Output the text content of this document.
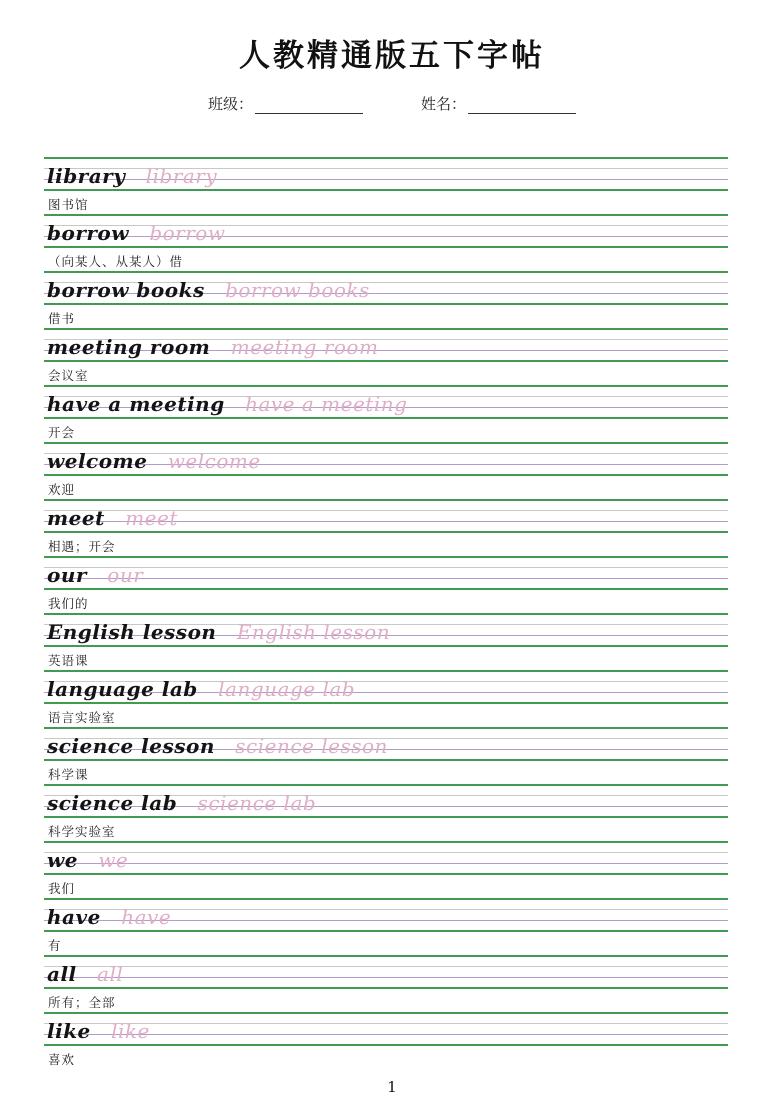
人教精通版五下字帖
班级：	姓名：
library library
图书馆
borrow borrow
（向某人、从某人）借
borrow books borrow books
借书
meeting room meeting room
会议室
have a meeting have a meeting
开会
welcome welcome
欢迎
meet meet
相遇；开会
our our
我们的
English lesson English lesson
英语课
language lab language lab
语言实验室
science lesson science lesson
科学课
science lab science lab
科学实验室
we we
我们
have have
有
all all
所有；全部
like like
喜欢
1
